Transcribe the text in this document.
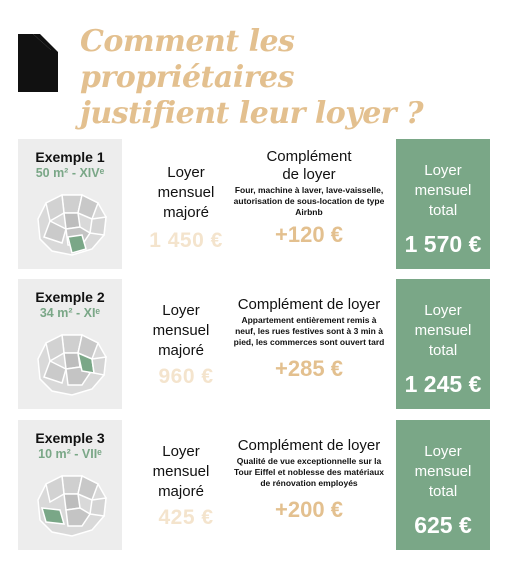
Comment les propriétaires
justifient leur loyer ?
Exemple 1
50 m² - XIVᵉ	Loyer mensuel majoré
1 450 €
Complément de loyer
Four, machine à laver, lave-vaisselle, autorisation de sous-location de type Airbnb
+120 €
Loyer mensuel total
1 570 €
Exemple 2
34 m² - XIᵉ	Loyer mensuel majoré
960 €
Complément de loyer
Appartement entièrement remis à neuf, les rues festives sont à 3 min à pied, les commerces sont ouvert tard
+285 €
Loyer mensuel total
1 245 €
Exemple 3
10 m² - VIIᵉ	Loyer mensuel majoré
425 €
Complément de loyer
Qualité de vue exceptionnelle sur la Tour Eiffel et noblesse des matériaux de rénovation employés
+200 €
Loyer mensuel total
625 €
